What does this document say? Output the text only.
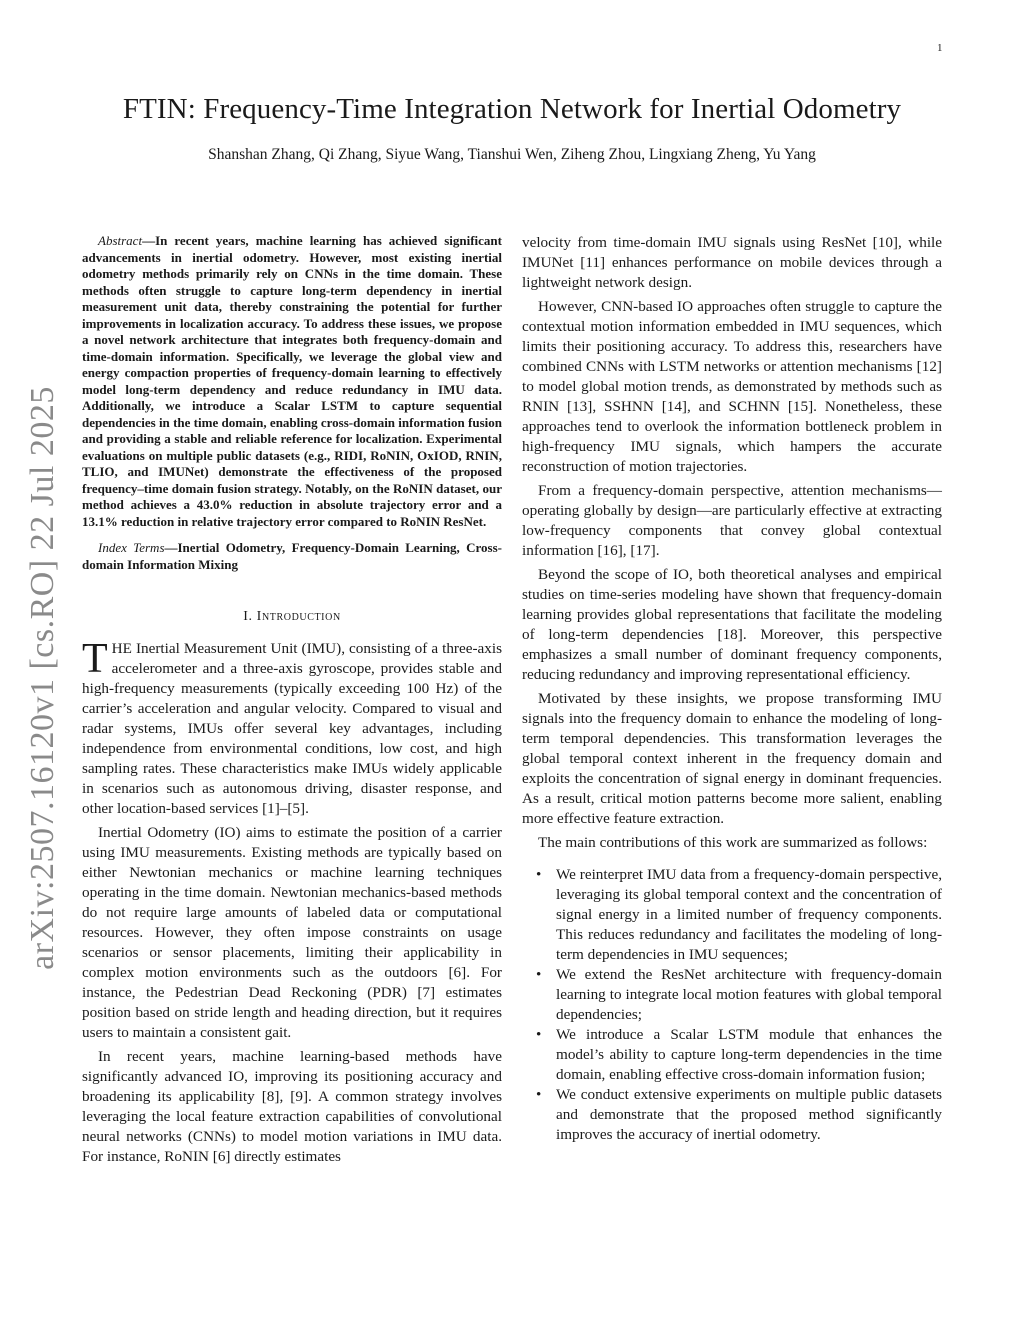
1
arXiv:2507.16120v1 [cs.RO] 22 Jul 2025
FTIN: Frequency-Time Integration Network for Inertial Odometry
Shanshan Zhang, Qi Zhang, Siyue Wang, Tianshui Wen, Ziheng Zhou, Lingxiang Zheng, Yu Yang

Abstract—In recent years, machine learning has achieved significant advancements in inertial odometry. However, most existing inertial odometry methods primarily rely on CNNs in the time domain. These methods often struggle to capture long-term dependency in inertial measurement unit data, thereby constraining the potential for further improvements in localization accuracy. To address these issues, we propose a novel network architecture that integrates both frequency-domain and time-domain information. Specifically, we leverage the global view and energy compaction properties of frequency-domain learning to effectively model long-term dependency and reduce redundancy in IMU data. Additionally, we introduce a Scalar LSTM to capture sequential dependencies in the time domain, enabling cross-domain information fusion and providing a stable and reliable reference for localization. Experimental evaluations on multiple public datasets (e.g., RIDI, RoNIN, OxIOD, RNIN, TLIO, and IMUNet) demonstrate the effectiveness of the proposed frequency–time domain fusion strategy. Notably, on the RoNIN dataset, our method achieves a 43.0% reduction in absolute trajectory error and a 13.1% reduction in relative trajectory error compared to RoNIN ResNet.

Index Terms—Inertial Odometry, Frequency-Domain Learning, Cross-domain Information Mixing

I. Introduction

THE Inertial Measurement Unit (IMU), consisting of a three-axis accelerometer and a three-axis gyroscope, provides stable and high-frequency measurements (typically exceeding 100 Hz) of the carrier’s acceleration and angular velocity. Compared to visual and radar systems, IMUs offer several key advantages, including independence from environmental conditions, low cost, and high sampling rates. These characteristics make IMUs widely applicable in scenarios such as autonomous driving, disaster response, and other location-based services [1]–[5].

Inertial Odometry (IO) aims to estimate the position of a carrier using IMU measurements. Existing methods are typically based on either Newtonian mechanics or machine learning techniques operating in the time domain. Newtonian mechanics-based methods do not require large amounts of labeled data or computational resources. However, they often impose constraints on usage scenarios or sensor placements, limiting their applicability in complex motion environments such as the outdoors [6]. For instance, the Pedestrian Dead Reckoning (PDR) [7] estimates position based on stride length and heading direction, but it requires users to maintain a consistent gait.

In recent years, machine learning-based methods have significantly advanced IO, improving its positioning accuracy and broadening its applicability [8], [9]. A common strategy involves leveraging the local feature extraction capabilities of convolutional neural networks (CNNs) to model motion variations in IMU data. For instance, RoNIN [6] directly estimates

velocity from time-domain IMU signals using ResNet [10], while IMUNet [11] enhances performance on mobile devices through a lightweight network design.

However, CNN-based IO approaches often struggle to capture the contextual motion information embedded in IMU sequences, which limits their positioning accuracy. To address this, researchers have combined CNNs with LSTM networks or attention mechanisms [12] to model global motion trends, as demonstrated by methods such as RNIN [13], SSHNN [14], and SCHNN [15]. Nonetheless, these approaches tend to overlook the information bottleneck problem in high-frequency IMU signals, which hampers the accurate reconstruction of motion trajectories.

From a frequency-domain perspective, attention mechanisms—operating globally by design—are particularly effective at extracting low-frequency components that convey global contextual information [16], [17].

Beyond the scope of IO, both theoretical analyses and empirical studies on time-series modeling have shown that frequency-domain learning provides global representations that facilitate the modeling of long-term dependencies [18]. Moreover, this perspective emphasizes a small number of dominant frequency components, reducing redundancy and improving representational efficiency.

Motivated by these insights, we propose transforming IMU signals into the frequency domain to enhance the modeling of long-term temporal dependencies. This transformation leverages the global temporal context inherent in the frequency domain and exploits the concentration of signal energy in dominant frequencies. As a result, critical motion patterns become more salient, enabling more effective feature extraction.

The main contributions of this work are summarized as follows:

• We reinterpret IMU data from a frequency-domain perspective, leveraging its global temporal context and the concentration of signal energy in a limited number of frequency components. This reduces redundancy and facilitates the modeling of long-term dependencies in IMU sequences;
• We extend the ResNet architecture with frequency-domain learning to integrate local motion features with global temporal dependencies;
• We introduce a Scalar LSTM module that enhances the model’s ability to capture long-term dependencies in the time domain, enabling effective cross-domain information fusion;
• We conduct extensive experiments on multiple public datasets and demonstrate that the proposed method significantly improves the accuracy of inertial odometry.
